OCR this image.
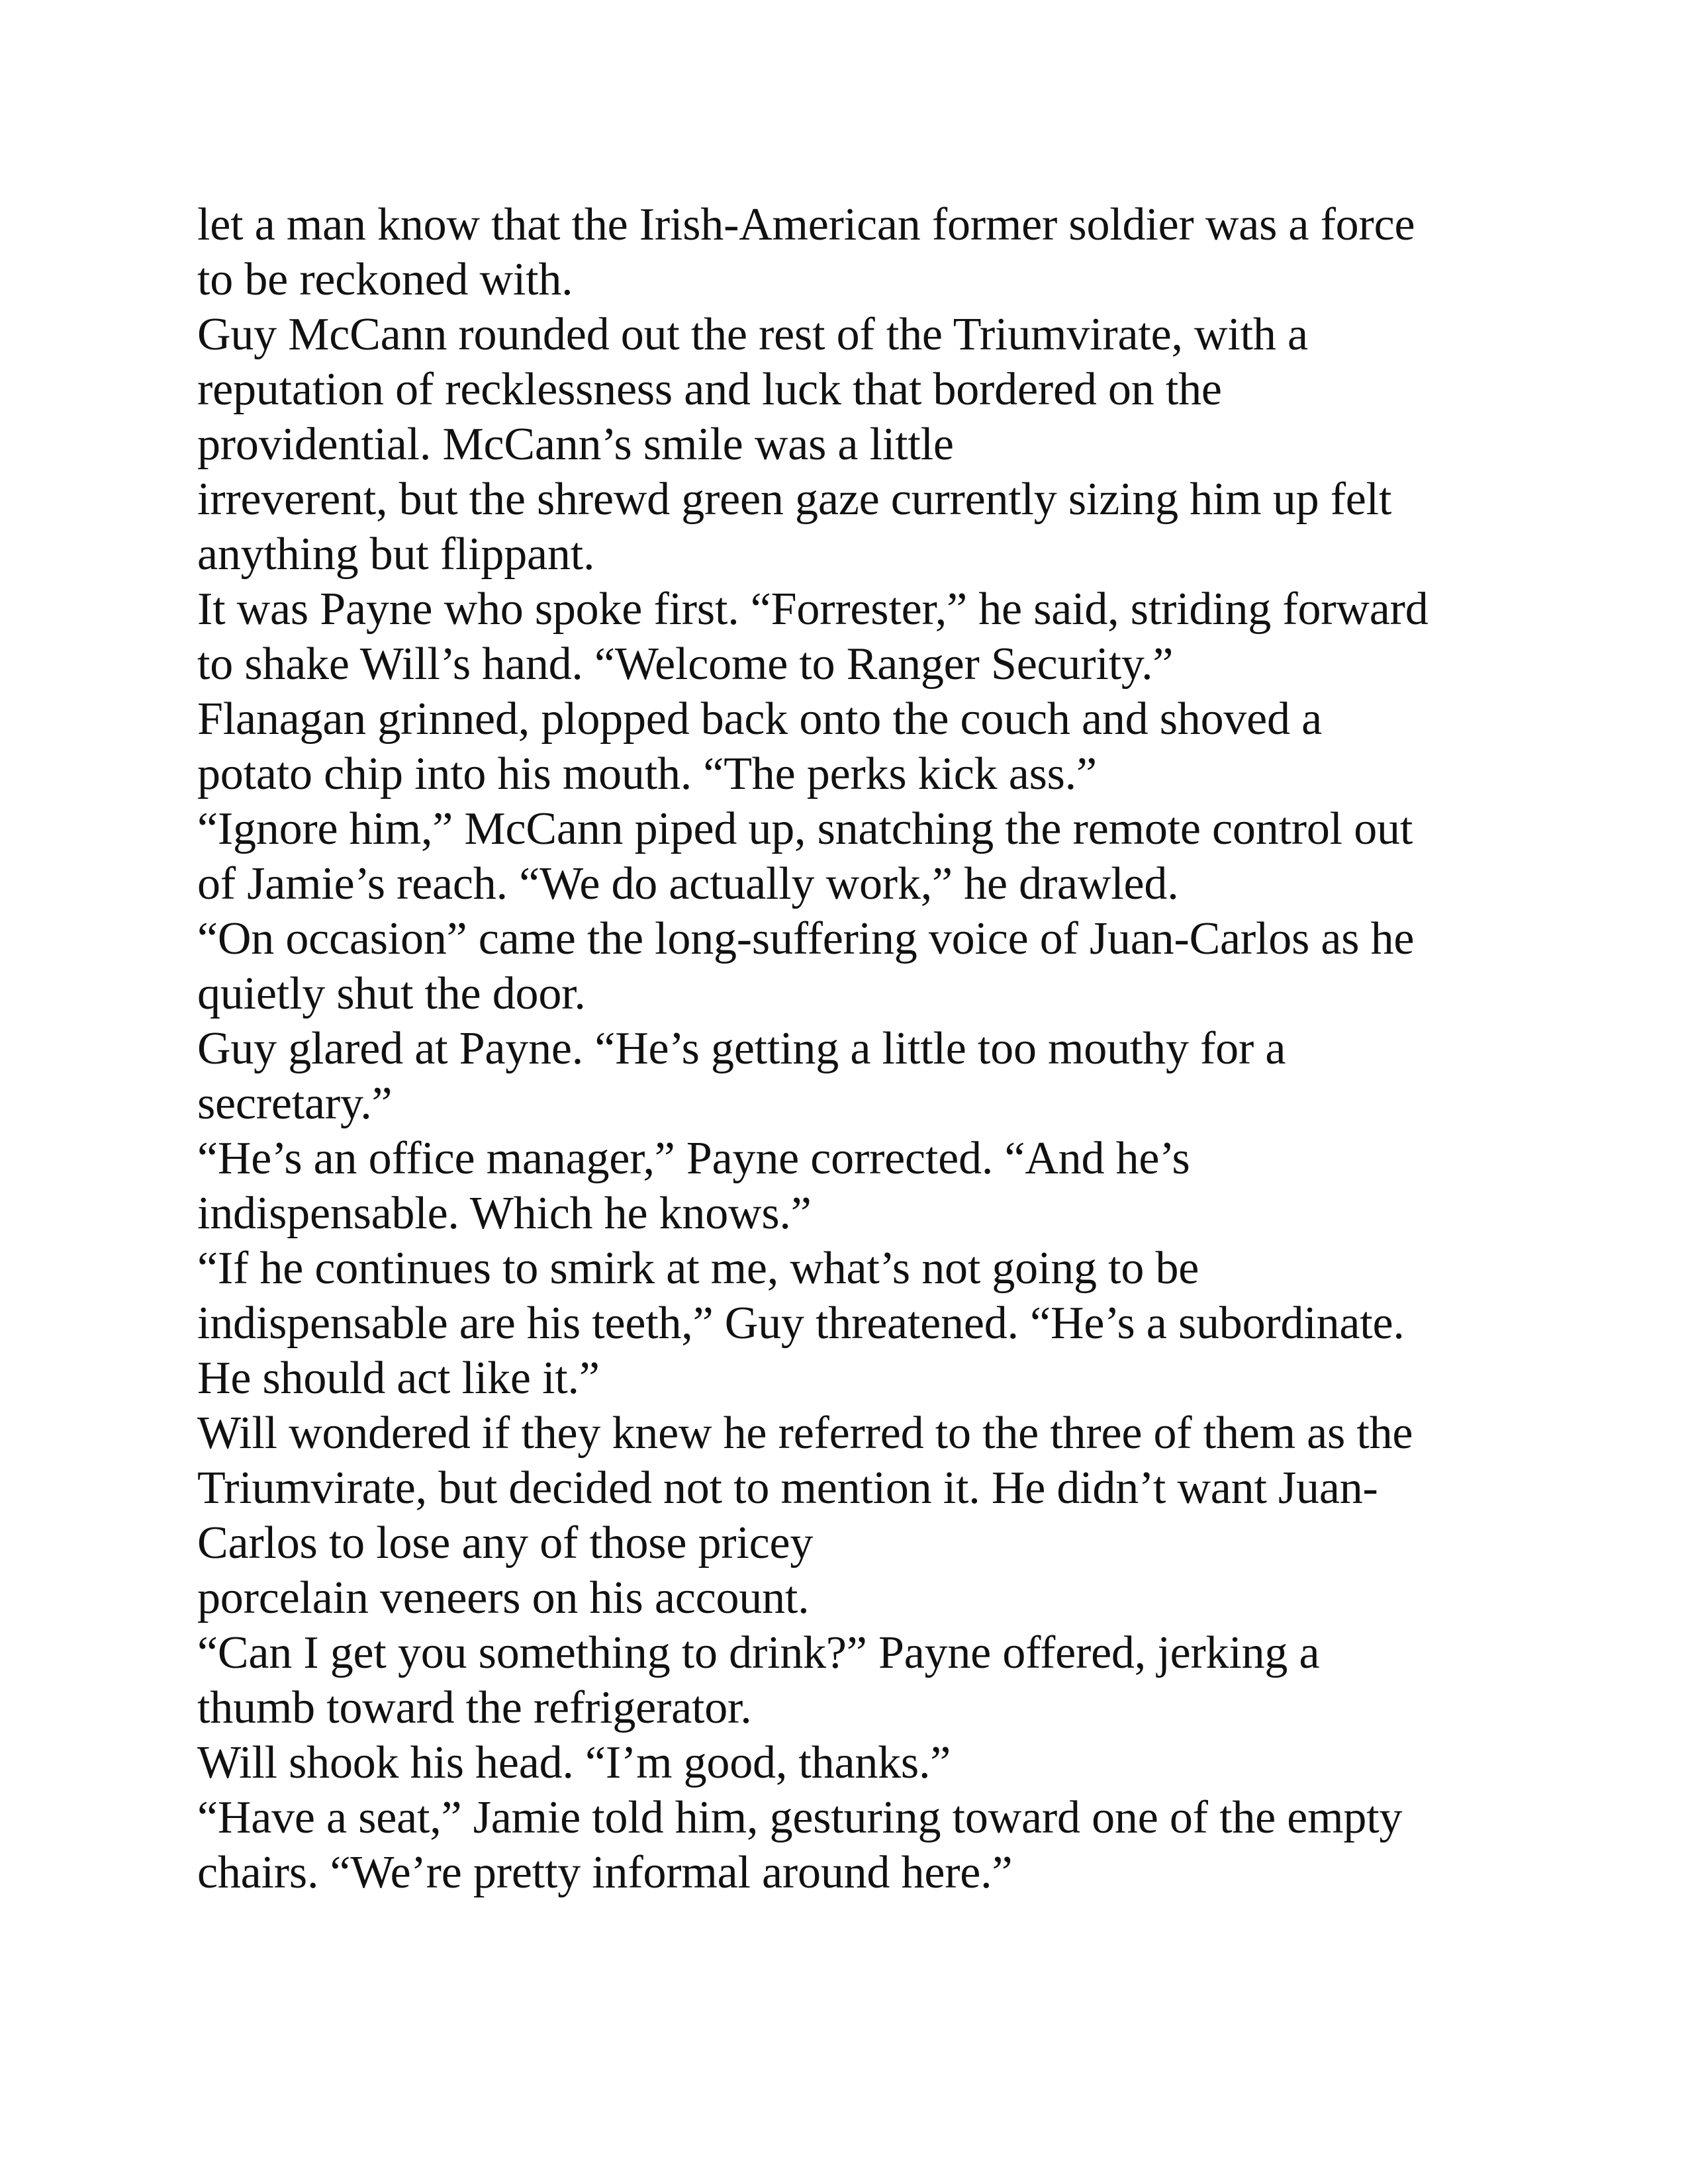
let a man know that the Irish-American former soldier was a force
to be reckoned with.
Guy McCann rounded out the rest of the Triumvirate, with a
reputation of recklessness and luck that bordered on the
providential. McCann’s smile was a little
irreverent, but the shrewd green gaze currently sizing him up felt
anything but flippant.
It was Payne who spoke first. “Forrester,” he said, striding forward
to shake Will’s hand. “Welcome to Ranger Security.”
Flanagan grinned, plopped back onto the couch and shoved a
potato chip into his mouth. “The perks kick ass.”
“Ignore him,” McCann piped up, snatching the remote control out
of Jamie’s reach. “We do actually work,” he drawled.
“On occasion” came the long-suffering voice of Juan-Carlos as he
quietly shut the door.
Guy glared at Payne. “He’s getting a little too mouthy for a
secretary.”
“He’s an office manager,” Payne corrected. “And he’s
indispensable. Which he knows.”
“If he continues to smirk at me, what’s not going to be
indispensable are his teeth,” Guy threatened. “He’s a subordinate.
He should act like it.”
Will wondered if they knew he referred to the three of them as the
Triumvirate, but decided not to mention it. He didn’t want Juan-
Carlos to lose any of those pricey
porcelain veneers on his account.
“Can I get you something to drink?” Payne offered, jerking a
thumb toward the refrigerator.
Will shook his head. “I’m good, thanks.”
“Have a seat,” Jamie told him, gesturing toward one of the empty
chairs. “We’re pretty informal around here.”
